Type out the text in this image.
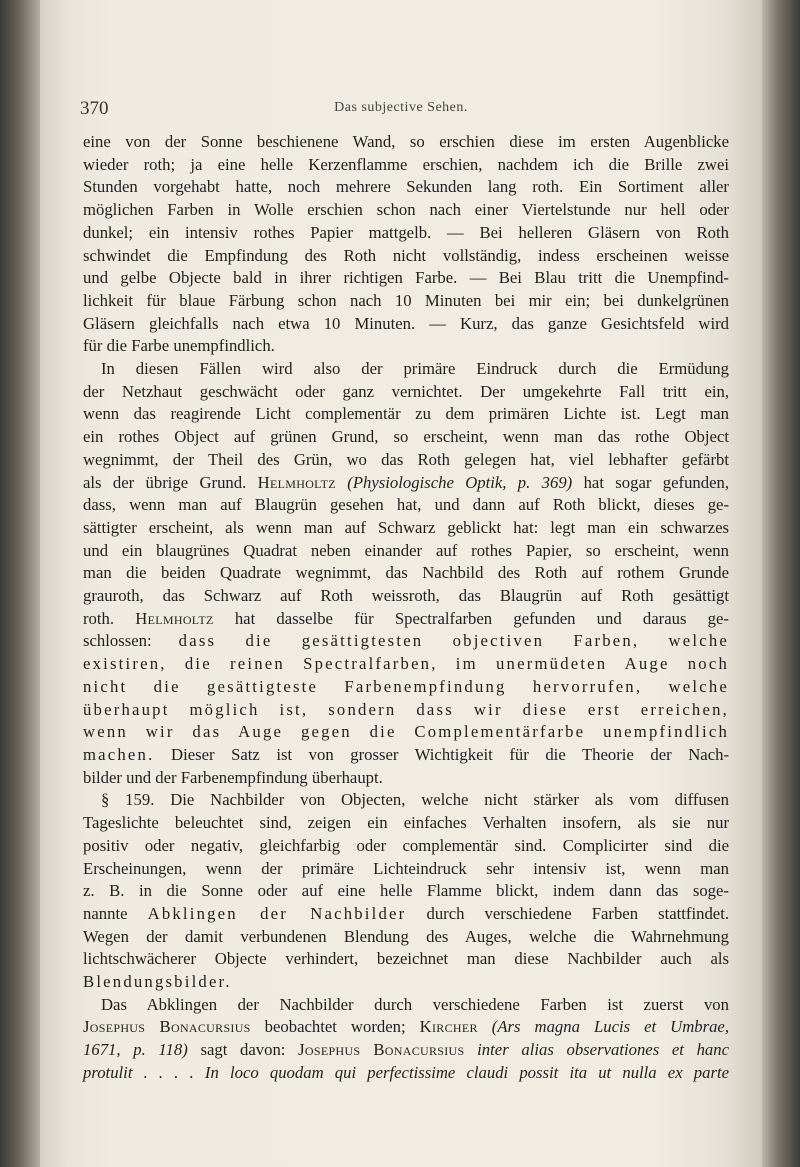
370	Das subjective Sehen.
eine von der Sonne beschienene Wand, so erschien diese im ersten Augenblicke
wieder roth; ja eine helle Kerzenflamme erschien, nachdem ich die Brille zwei
Stunden vorgehabt hatte, noch mehrere Sekunden lang roth. Ein Sortiment aller
möglichen Farben in Wolle erschien schon nach einer Viertelstunde nur hell oder
dunkel; ein intensiv rothes Papier mattgelb. — Bei helleren Gläsern von Roth
schwindet die Empfindung des Roth nicht vollständig, indess erscheinen weisse
und gelbe Objecte bald in ihrer richtigen Farbe. — Bei Blau tritt die Unempfind-
lichkeit für blaue Färbung schon nach 10 Minuten bei mir ein; bei dunkelgrünen
Gläsern gleichfalls nach etwa 10 Minuten. — Kurz, das ganze Gesichtsfeld wird
für die Farbe unempfindlich.
In diesen Fällen wird also der primäre Eindruck durch die Ermüdung
der Netzhaut geschwächt oder ganz vernichtet. Der umgekehrte Fall tritt ein,
wenn das reagirende Licht complementär zu dem primären Lichte ist. Legt man
ein rothes Object auf grünen Grund, so erscheint, wenn man das rothe Object
wegnimmt, der Theil des Grün, wo das Roth gelegen hat, viel lebhafter gefärbt
als der übrige Grund. Helmholtz (Physiologische Optik, p. 369) hat sogar gefunden,
dass, wenn man auf Blaugrün gesehen hat, und dann auf Roth blickt, dieses ge-
sättigter erscheint, als wenn man auf Schwarz geblickt hat: legt man ein schwarzes
und ein blaugrünes Quadrat neben einander auf rothes Papier, so erscheint, wenn
man die beiden Quadrate wegnimmt, das Nachbild des Roth auf rothem Grunde
grauroth, das Schwarz auf Roth weissroth, das Blaugrün auf Roth gesättigt
roth. Helmholtz hat dasselbe für Spectralfarben gefunden und daraus ge-
schlossen: dass die gesättigtesten objectiven Farben, welche
existiren, die reinen Spectralfarben, im unermüdeten Auge noch
nicht die gesättigteste Farbenempfindung hervorrufen, welche
überhaupt möglich ist, sondern dass wir diese erst erreichen,
wenn wir das Auge gegen die Complementärfarbe unempfindlich
machen. Dieser Satz ist von grosser Wichtigkeit für die Theorie der Nach-
bilder und der Farbenempfindung überhaupt.
§ 159. Die Nachbilder von Objecten, welche nicht stärker als vom diffusen
Tageslichte beleuchtet sind, zeigen ein einfaches Verhalten insofern, als sie nur
positiv oder negativ, gleichfarbig oder complementär sind. Complicirter sind die
Erscheinungen, wenn der primäre Lichteindruck sehr intensiv ist, wenn man
z. B. in die Sonne oder auf eine helle Flamme blickt, indem dann das soge-
nannte Abklingen der Nachbilder durch verschiedene Farben stattfindet.
Wegen der damit verbundenen Blendung des Auges, welche die Wahrnehmung
lichtschwächerer Objecte verhindert, bezeichnet man diese Nachbilder auch als
Blendungsbilder.
Das Abklingen der Nachbilder durch verschiedene Farben ist zuerst von
Josephus Bonacursius beobachtet worden; Kircher (Ars magna Lucis et Umbrae,
1671, p. 118) sagt davon: Josephus Bonacursius inter alias observationes et hanc
protulit . . . . In loco quodam qui perfectissime claudi possit ita ut nulla ex parte
